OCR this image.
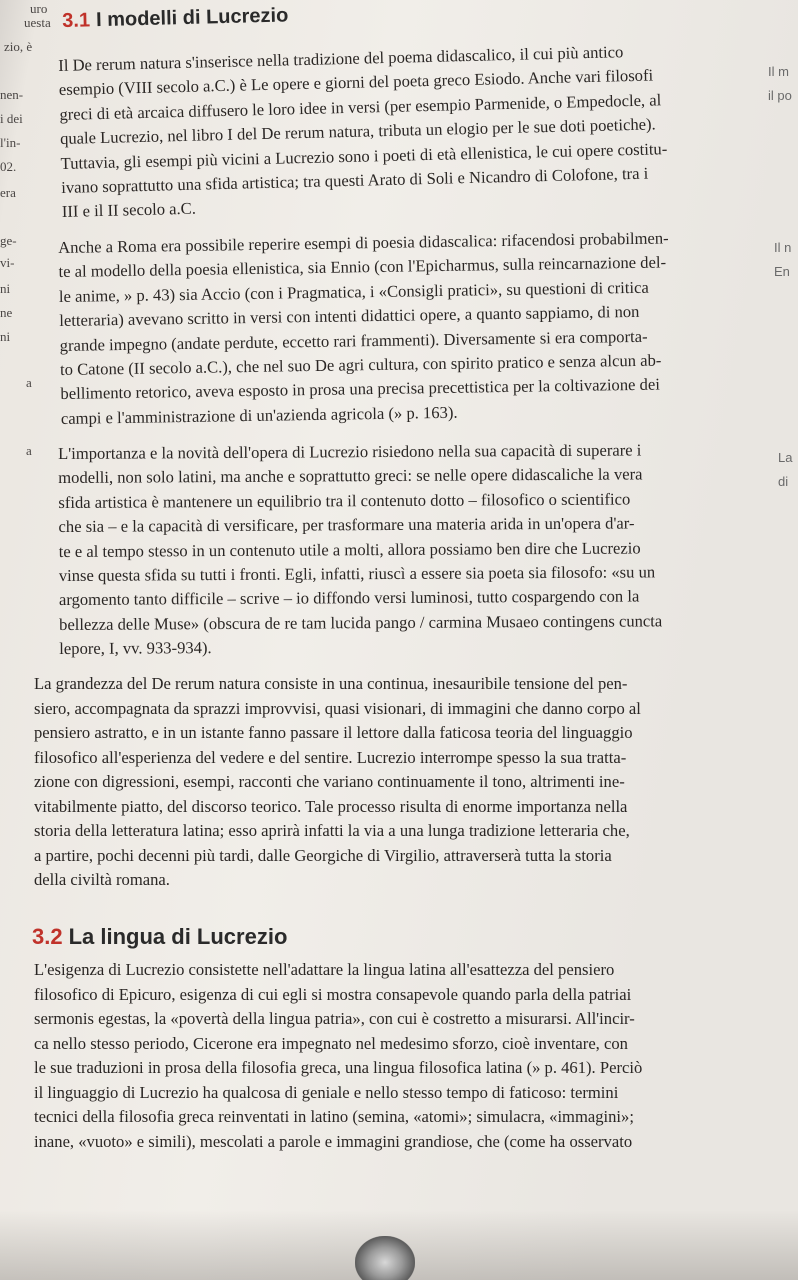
uro
uesta
zio, è
nen-
i dei
l'in-
02.
era
ge-
vi-
ni
ne
ni
a
a
Il m
il po
Il n
En
La
di
3.1 I modelli di Lucrezio
Il De rerum natura s'inserisce nella tradizione del poema didascalico, il cui più antico
esempio (VIII secolo a.C.) è Le opere e giorni del poeta greco Esiodo. Anche vari filosofi
greci di età arcaica diffusero le loro idee in versi (per esempio Parmenide, o Empedocle, al
quale Lucrezio, nel libro I del De rerum natura, tributa un elogio per le sue doti poetiche).
Tuttavia, gli esempi più vicini a Lucrezio sono i poeti di età ellenistica, le cui opere costitu-
ivano soprattutto una sfida artistica; tra questi Arato di Soli e Nicandro di Colofone, tra i
III e il II secolo a.C.
Anche a Roma era possibile reperire esempi di poesia didascalica: rifacendosi probabilmen-
te al modello della poesia ellenistica, sia Ennio (con l'Epicharmus, sulla reincarnazione del-
le anime, » p. 43) sia Accio (con i Pragmatica, i «Consigli pratici», su questioni di critica
letteraria) avevano scritto in versi con intenti didattici opere, a quanto sappiamo, di non
grande impegno (andate perdute, eccetto rari frammenti). Diversamente si era comporta-
to Catone (II secolo a.C.), che nel suo De agri cultura, con spirito pratico e senza alcun ab-
bellimento retorico, aveva esposto in prosa una precisa precettistica per la coltivazione dei
campi e l'amministrazione di un'azienda agricola (» p. 163).
L'importanza e la novità dell'opera di Lucrezio risiedono nella sua capacità di superare i
modelli, non solo latini, ma anche e soprattutto greci: se nelle opere didascaliche la vera
sfida artistica è mantenere un equilibrio tra il contenuto dotto – filosofico o scientifico
che sia – e la capacità di versificare, per trasformare una materia arida in un'opera d'ar-
te e al tempo stesso in un contenuto utile a molti, allora possiamo ben dire che Lucrezio
vinse questa sfida su tutti i fronti. Egli, infatti, riuscì a essere sia poeta sia filosofo: «su un
argomento tanto difficile – scrive – io diffondo versi luminosi, tutto cospargendo con la
bellezza delle Muse» (obscura de re tam lucida pango / carmina Musaeo contingens cuncta
lepore, I, vv. 933-934).
La grandezza del De rerum natura consiste in una continua, inesauribile tensione del pen-
siero, accompagnata da sprazzi improvvisi, quasi visionari, di immagini che danno corpo al
pensiero astratto, e in un istante fanno passare il lettore dalla faticosa teoria del linguaggio
filosofico all'esperienza del vedere e del sentire. Lucrezio interrompe spesso la sua tratta-
zione con digressioni, esempi, racconti che variano continuamente il tono, altrimenti ine-
vitabilmente piatto, del discorso teorico. Tale processo risulta di enorme importanza nella
storia della letteratura latina; esso aprirà infatti la via a una lunga tradizione letteraria che,
a partire, pochi decenni più tardi, dalle Georgiche di Virgilio, attraverserà tutta la storia
della civiltà romana.
3.2 La lingua di Lucrezio
L'esigenza di Lucrezio consistette nell'adattare la lingua latina all'esattezza del pensiero
filosofico di Epicuro, esigenza di cui egli si mostra consapevole quando parla della patriai
sermonis egestas, la «povertà della lingua patria», con cui è costretto a misurarsi. All'incir-
ca nello stesso periodo, Cicerone era impegnato nel medesimo sforzo, cioè inventare, con
le sue traduzioni in prosa della filosofia greca, una lingua filosofica latina (» p. 461). Perciò
il linguaggio di Lucrezio ha qualcosa di geniale e nello stesso tempo di faticoso: termini
tecnici della filosofia greca reinventati in latino (semina, «atomi»; simulacra, «immagini»;
inane, «vuoto» e simili), mescolati a parole e immagini grandiose, che (come ha osservato
